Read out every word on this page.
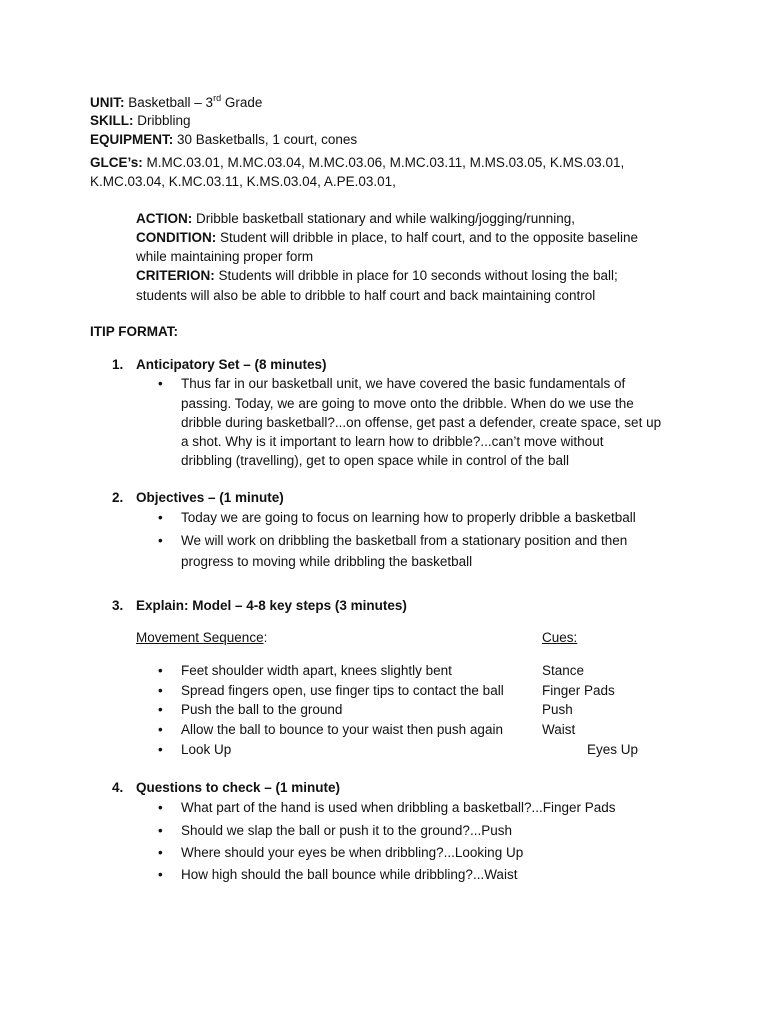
UNIT: Basketball – 3rd Grade
SKILL: Dribbling
EQUIPMENT: 30 Basketballs, 1 court, cones
GLCE’s: M.MC.03.01, M.MC.03.04, M.MC.03.06, M.MC.03.11, M.MS.03.05, K.MS.03.01,
K.MC.03.04, K.MC.03.11, K.MS.03.04, A.PE.03.01,
ACTION: Dribble basketball stationary and while walking/jogging/running,
CONDITION: Student will dribble in place, to half court, and to the opposite baseline
while maintaining proper form
CRITERION: Students will dribble in place for 10 seconds without losing the ball;
students will also be able to dribble to half court and back maintaining control
ITIP FORMAT:
1. Anticipatory Set – (8 minutes)
• Thus far in our basketball unit, we have covered the basic fundamentals of
passing. Today, we are going to move onto the dribble. When do we use the
dribble during basketball?...on offense, get past a defender, create space, set up
a shot. Why is it important to learn how to dribble?...can’t move without
dribbling (travelling), get to open space while in control of the ball
2. Objectives – (1 minute)
• Today we are going to focus on learning how to properly dribble a basketball
• We will work on dribbling the basketball from a stationary position and then
progress to moving while dribbling the basketball
3. Explain: Model – 4-8 key steps (3 minutes)
Movement Sequence:	Cues:
• Feet shoulder width apart, knees slightly bent	Stance
• Spread fingers open, use finger tips to contact the ball	Finger Pads
• Push the ball to the ground	Push
• Allow the ball to bounce to your waist then push again	Waist
• Look Up	Eyes Up
4. Questions to check – (1 minute)
• What part of the hand is used when dribbling a basketball?...Finger Pads
• Should we slap the ball or push it to the ground?...Push
• Where should your eyes be when dribbling?...Looking Up
• How high should the ball bounce while dribbling?...Waist
